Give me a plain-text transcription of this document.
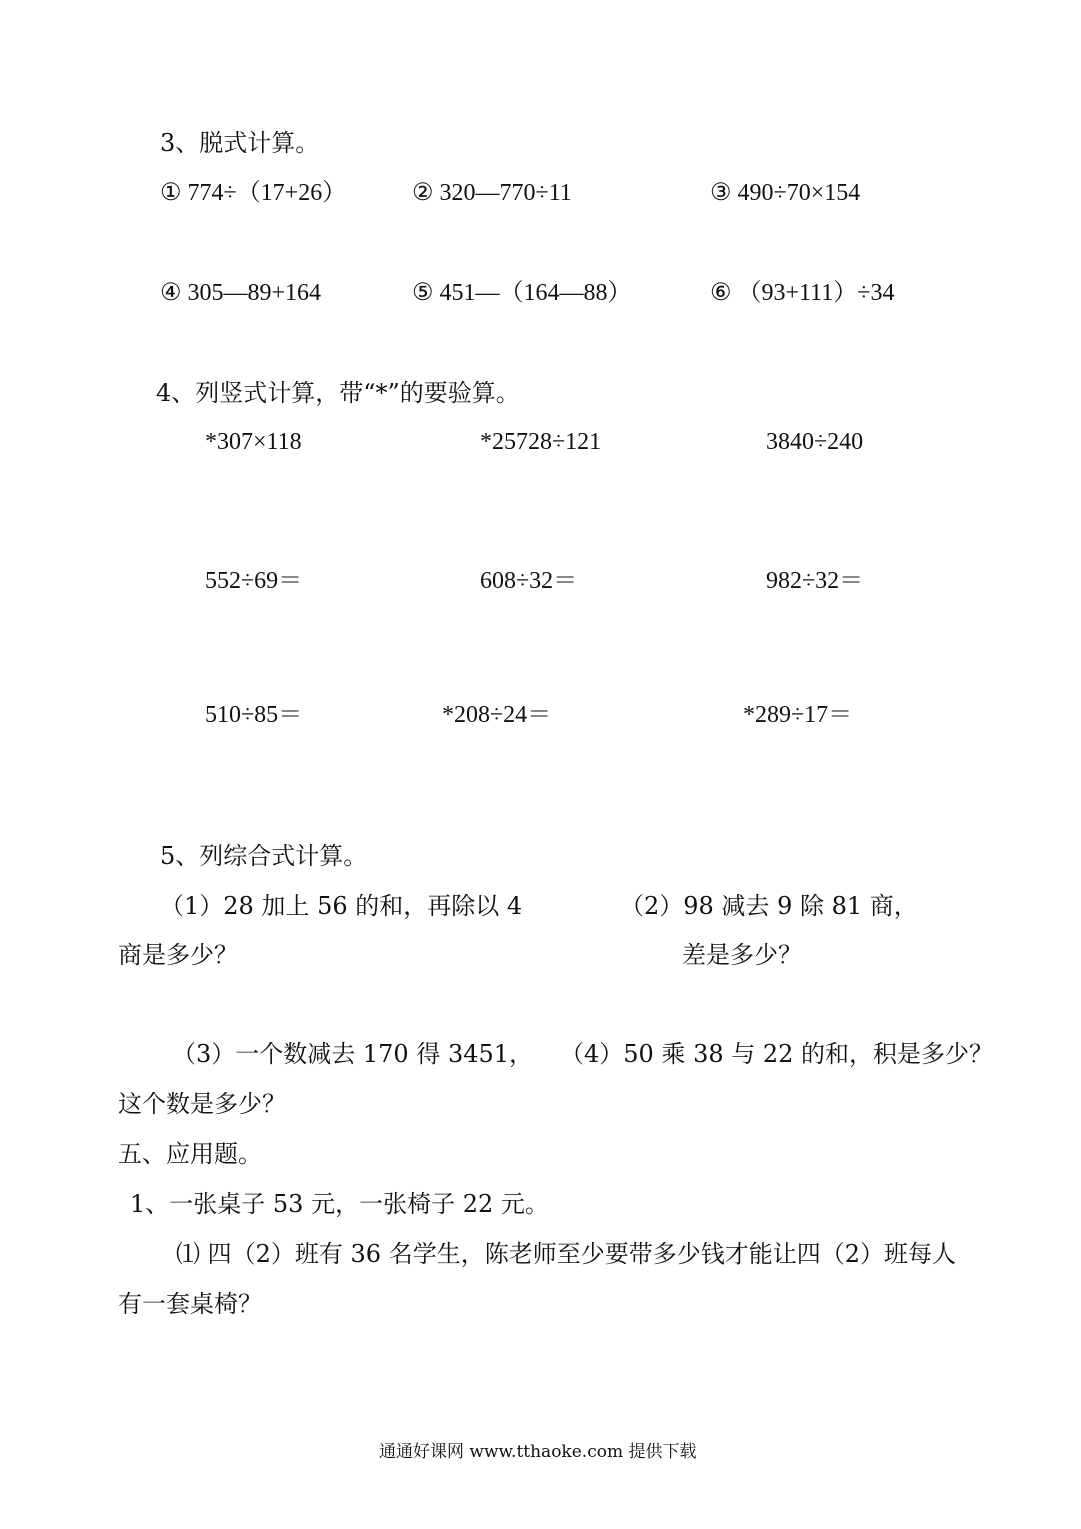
3、脱式计算。
① 774÷（17+26）	② 320—770÷11	③ 490÷70×154
④ 305—89+164	⑤ 451—（164—88）	⑥ （93+111）÷34
4、列竖式计算，带“*”的要验算。
*307×118	*25728÷121	3840÷240
552÷69＝	608÷32＝	982÷32＝
510÷85＝	*208÷24＝	*289÷17＝
5、列综合式计算。
（1）28 加上 56 的和，再除以 4
商是多少？
（2）98 减去 9 除 81 商，
差是多少？
（3）一个数减去 170 得 3451，
这个数是多少？
（4）50 乘 38 与 22 的和，积是多少？
五、应用题。
1、一张桌子 53 元，一张椅子 22 元。
⑴ 四（2）班有 36 名学生，陈老师至少要带多少钱才能让四（2）班每人
有一套桌椅？
通通好课网 www.tthaoke.com 提供下载
